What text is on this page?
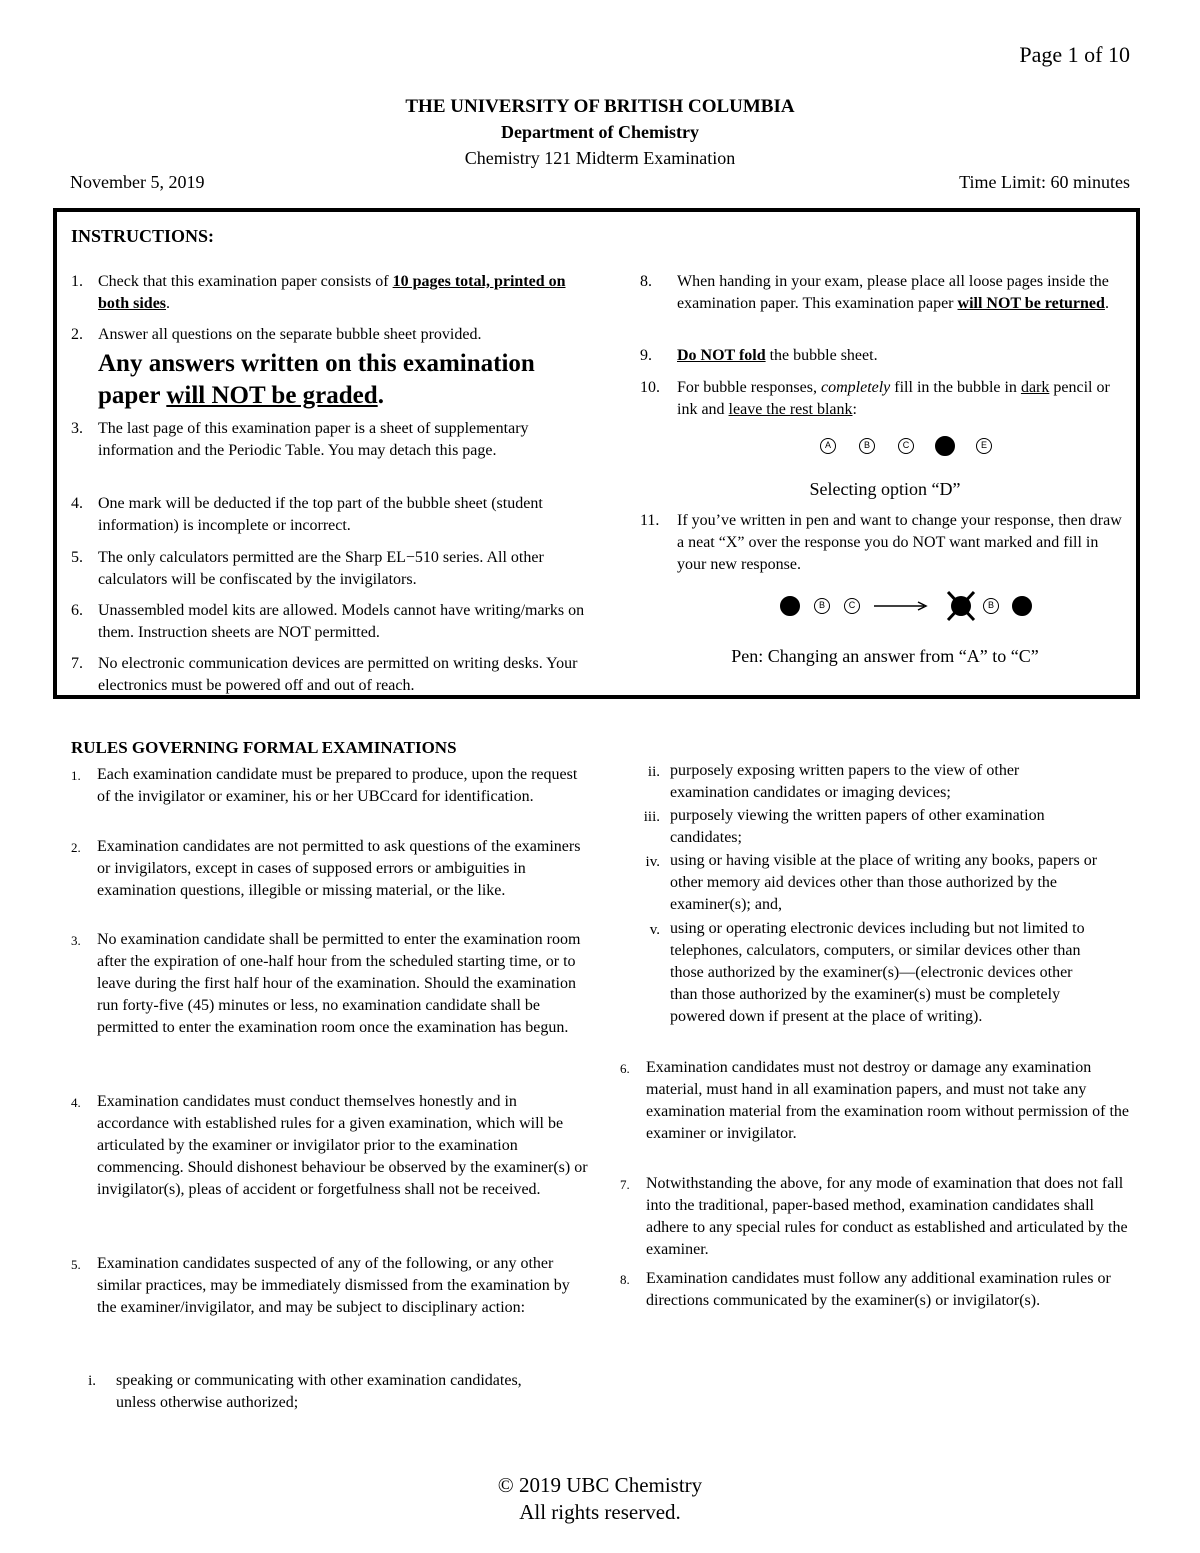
Page 1 of 10
THE UNIVERSITY OF BRITISH COLUMBIA
Department of Chemistry
Chemistry 121 Midterm Examination
November 5, 2019	Time Limit: 60 minutes
INSTRUCTIONS:
1. Check that this examination paper consists of 10 pages total, printed on both sides.
2. Answer all questions on the separate bubble sheet provided.
Any answers written on this examination paper will NOT be graded.
3. The last page of this examination paper is a sheet of supplementary information and the Periodic Table. You may detach this page.
4. One mark will be deducted if the top part of the bubble sheet (student information) is incomplete or incorrect.
5. The only calculators permitted are the Sharp EL−510 series. All other calculators will be confiscated by the invigilators.
6. Unassembled model kits are allowed. Models cannot have writing/marks on them. Instruction sheets are NOT permitted.
7. No electronic communication devices are permitted on writing desks. Your electronics must be powered off and out of reach.
8. When handing in your exam, please place all loose pages inside the examination paper. This examination paper will NOT be returned.
9. Do NOT fold the bubble sheet.
10. For bubble responses, completely fill in the bubble in dark pencil or ink and leave the rest blank:
A	B	C	D	E
Selecting option “D”
11. If you’ve written in pen and want to change your response, then draw a neat “X” over the response you do NOT want marked and fill in your new response.
A	B	C	B	C
Pen: Changing an answer from “A” to “C”
RULES GOVERNING FORMAL EXAMINATIONS
1. Each examination candidate must be prepared to produce, upon the request of the invigilator or examiner, his or her UBCcard for identification.
2. Examination candidates are not permitted to ask questions of the examiners or invigilators, except in cases of supposed errors or ambiguities in examination questions, illegible or missing material, or the like.
3. No examination candidate shall be permitted to enter the examination room after the expiration of one-half hour from the scheduled starting time, or to leave during the first half hour of the examination. Should the examination run forty-five (45) minutes or less, no examination candidate shall be permitted to enter the examination room once the examination has begun.
4. Examination candidates must conduct themselves honestly and in accordance with established rules for a given examination, which will be articulated by the examiner or invigilator prior to the examination commencing. Should dishonest behaviour be observed by the examiner(s) or invigilator(s), pleas of accident or forgetfulness shall not be received.
5. Examination candidates suspected of any of the following, or any other similar practices, may be immediately dismissed from the examination by the examiner/invigilator, and may be subject to disciplinary action:
i. speaking or communicating with other examination candidates, unless otherwise authorized;
ii. purposely exposing written papers to the view of other examination candidates or imaging devices;
iii. purposely viewing the written papers of other examination candidates;
iv. using or having visible at the place of writing any books, papers or other memory aid devices other than those authorized by the examiner(s); and,
v. using or operating electronic devices including but not limited to telephones, calculators, computers, or similar devices other than those authorized by the examiner(s)—(electronic devices other than those authorized by the examiner(s) must be completely powered down if present at the place of writing).
6. Examination candidates must not destroy or damage any examination material, must hand in all examination papers, and must not take any examination material from the examination room without permission of the examiner or invigilator.
7. Notwithstanding the above, for any mode of examination that does not fall into the traditional, paper-based method, examination candidates shall adhere to any special rules for conduct as established and articulated by the examiner.
8. Examination candidates must follow any additional examination rules or directions communicated by the examiner(s) or invigilator(s).
© 2019 UBC Chemistry
All rights reserved.
